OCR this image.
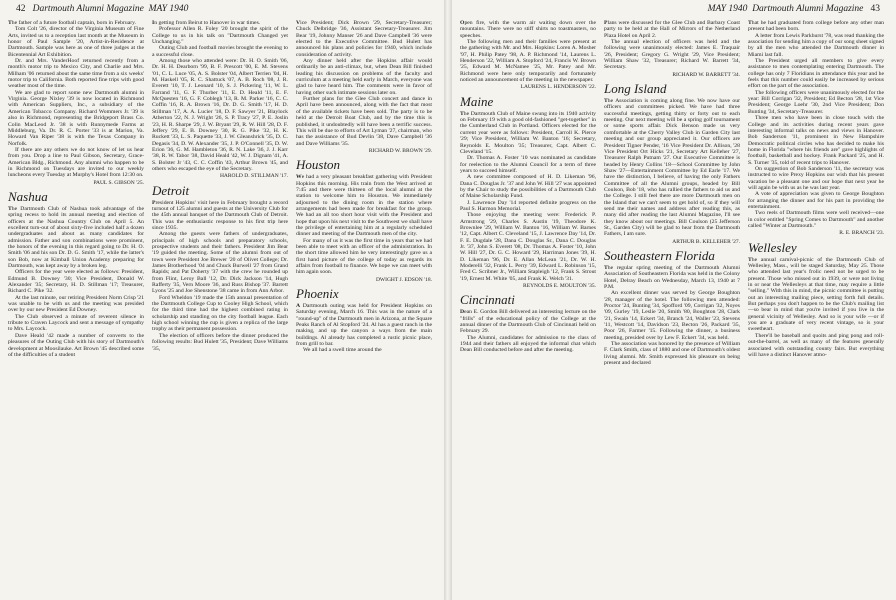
42 Dartmouth Alumni Magazine MAY 1940

The father of a future football captain, born in February.

Tom Colt '26, director of the Virginia Museum of Fine Arts, invited us to a reception last month at the Museum in honor of Paul Sample '20, Artist-in-Residence at Dartmouth. Sample was here as one of three judges at the Bicentennial Art Exhibition.

Dr. and Mrs. VanderHoof returned recently from a month's motor trip to Mexico City, and Charlie and Mrs. Milham '06 returned about the same time from a six weeks' motor trip to California. Both reported fine trips with good weather most of the time.

We are glad to report some new Dartmouth alumni in Virginia. George Nixley '39 is now located in Richmond with American Suppliers, Inc., a subsidiary of the American Tobacco Company. Richard Wommers Jr. '39 is also in Richmond, representing the Bridgeport Brass Co. Colin MacLeod Jr. '38 is with Runnymede Farms at Middleburg, Va. Dr. R. C. Porter '33 is at Marion, Va. Howard Van Riper '38 is with the Texas Company in Norfolk.

If there are any others we do not know of let us hear from you. Drop a line to Paul Gibson, Secretary, Grace-American Bldg., Richmond. Any alumni who happen to be in Richmond on Tuesdays are invited to our weekly luncheons every Tuesday at Murphy's Hotel from 12:30 on.

PAUL S. GIBSON '25.
Nashua

The Dartmouth Club of Nashua took advantage of the spring recess to hold its annual meeting and election of officers at the Nashua Country Club on April 5. An excellent turn-out of about sixty-five included half a dozen undergraduates and about as many candidates for admission. Father and son combinations were prominent, the honors of the evening in this regard going to Dr. H. O. Smith '06 and his son Dr. D. G. Smith '17, while the latter's son Bob, now at Kimball Union Academy preparing for Dartmouth, was kept away by a broken leg.

Officers for the year were elected as follows: President, Edmund B. Downey '30; Vice President, Donald W. Alexander '35; Secretary, H. D. Stillman '17; Treasurer, Richard C. Pike '32.

At the last minute, our retiring President Norm Crisp '21 was unable to be with us and the meeting was presided over by our new President Ed Downey.

The Club observed a minute of reverent silence in tribute to Craven Laycock and sent a message of sympathy to Mrs. Laycock.

Dave Heald '42 made a number of converts to the pleasures of the Outing Club with his story of Dartmouth's development at Moosilauke. Art Brown '45 described some of the difficulties of a student

In getting from Beirut to Hanover in war times.

Professor Allen R. Foley '20 brought the spirit of the College to us in his talk on "Dartmouth Changed yet Unchanging."

Outing Club and football movies brought the evening to a successful close.

Among those who attended were: Dr. H. O. Smith '06, Dr. H. H. Dearborn '99, B. F. Prescott '00, E. M. Stevens '01, C. L. Luce '05, A. S. Bolster '04, Albert Terrien '04, H. M. Haskell '05, R. C. Shattuck '07, A. B. Roch '08, J. R. Everett '10, T. J. Leonard '10, S. J. Pickering '11, W. L. Farrand '11, G. F. Thurber '11, E. D. Heald '11, E. F. McQuesten '16, G. F. Coblegh '13, R. M. Parker '16, C. C. Coffin '16, R. A. Brown '16, Dr. D. G. Smith '17, H. D. Stillman '17, A. A. Lucier '18, D. F. Sawyer '21, Blaylock Atherton '22, N. J. Wright '26, S. P. Tracy '27, P. E. Joslin '23, H. R. Sharpe '29, J. W. Bryant '29, R. W. Hill '28, D. F. Jeffery '29, E. B. Downey '30, R. G. Pike '32, H. K. Ruckett '33, L. S. Paquette '33, J. W. Gleanshrick '35, D. C. Degasis '34, D. W. Alexander '35, J. P. O'Connell '35, D. W. Erion '36, G. M. Hambleton '36, R. N. Lake '36, J. J. Karr '38, R. W. Tabor '38, David Heald '42, W. J. Dignam '41, A. S. Bolster Jr '43, C. C. Coffin '43, Arthur Brown '45, and others who escaped the eye of the Secretary.

HAROLD D. STILLMAN '17.
Detroit

President Hopkins' visit here in February brought a record turnout of 125 alumni and guests at the University Club for the 45th annual banquet of the Dartmouth Club of Detroit. This was the enthusiastic response to his first trip here since 1935.

Among the guests were fathers of undergraduates, principals of high schools and preparatory schools, prospective students and their fathers. President Jim Bear '19 guided the meeting. Some of the alumni from out of town were President Joe Brewer '20 of Olivet College; Dr. James Brotherhood '04 and Chuck Burwell '27 from Grand Rapids; and Pat Doherty '37 with the crew he rounded up from Flint, Leroy Ball '12, Dr. Dick Jackson '14, Hugh Rafferty '35, Vern Moore '36, and Russ Bishop '37. Barrett Lyons '25 and Joe Shenstone '38 came in from Ann Arbor.

Ford Wheldon '19 made the 15th annual presentation of the Dartmouth College Cup to Cooley High School, which for the third time had the highest combined rating in scholarship and standing on the city football league. Each high school winning the cup is given a replica of the large trophy as their permanent possession.

The election of officers before the dinner produced the following results: Bud Hulett '35, President; Dave Williams '35,

Vice President; Dick Brown '29, Secretary-Treasurer; Chuck Delbridge '36, Assistant Secretary-Treasurer. Jim Bear '19, Johnny Manser '26 and Dave Campbell '36 were elected to the Executive Committee. Bud Hulett has announced his plans and policies for 1940, which include consideration of activity.

Any dinner held after the Hopkins affair would ordinarily be an anti-climax, but, when Dean Bill finished leading his discussion on problems of the faculty and curriculum at a meeting held early in March, everyone was glad to have heard him. The comments were in favor of having other such intimate sessions later on.

Further plans for the Glee Club concert and dance in April have been announced, along with the fact that most of the available tickets have been sold. The party is to be held at the Detroit Boat Club, and by the time this is published, it undoubtedly will have been a terrific success. This will be due to efforts of Art Lyman '27, chairman, who has the assistance of Bud Devlin '38, Dave Campbell '36 and Dave Williams '35.

RICHARD W. BROWN '29.
Houston

We had a very pleasant breakfast gathering with President Hopkins this morning. His train from the West arrived at 7:45 and there were thirteen of the local alumni at the station to welcome him to Houston. We immediately adjourned to the dining room in the station where arrangements had been made for breakfast for the group. We had an all too short hour visit with the President and hope that upon his next visit to the Southwest we shall have the privilege of entertaining him at a regularly scheduled dinner and meeting of the Dartmouth men of the city.

For many of us it was the first time in years that we had been able to meet with an officer of the administration. In the short time allowed him he very interestingly gave us a first hand picture of the college of today as regards its affairs from football to finance. We hope we can meet with him again soon.

DWIGHT J. EDSON '18.
Phoenix

A Dartmouth outing was held for President Hopkins on Saturday evening, March 16. This was in the nature of a "round-up" of the Dartmouth men in Arizona, at the Square Peaks Ranch of Al Stopford '24. Al has a guest ranch in the making, and up the canyon a ways from the main buildings. Al already has completed a rustic picnic place, from grill to bar.

We all had a swell time around the

MAY 1940 Dartmouth Alumni Magazine 43

Open fire, with the warm air waiting down over the mountains. There were no stiff shirts no toastmasters, no speeches.

The following men and their families were present at the gathering with Mr. and Mrs. Hopkins: Loren A. Mosher '97, H. Philip Patey '98, A. P. Richmond '14, Laurens L. Henderson '22, William A. Stopford '24, Francis W. Brown '25, Edward M. McNamee '25, Mr. Patey and Mr. Richmond were here only temporarily and fortunately noticed an announcement of the meeting in the newspaper.

LAURENS L. HENDERSON '22.
Maine

The Dartmouth Club of Maine swung into its 1940 activity on February 19 with a good old-fashioned "get-together" in the Cumberland Club in Portland. Officers elected for the current year were as follows: President, Carroll K. Pierce '29; Vice President, William W. Banton '16; Secretary, Reynolds E. Moulton '35; Treasurer, Capt. Albert C. Cleveland '15.

Dr. Thomas A. Foster '10 was nominated as candidate for reelection to the Alumni Council for a term of three years to succeed himself.

A new committee composed of H. D. Likeman '96, Dana C. Douglas Jr. '37 and John W. Hill '27 was appointed by the Chair to study the possibilities of a Dartmouth Club of Maine Scholarship Fund.

J. Lawrence Day '14 reported definite progress on the Paul S. Harmon Memorial.

Those enjoying the meeting were: Frederick P. Armstrong '29, Charles S. Austin '19, Theodore K. Brownlee '29, William W. Banton '16, William W. Barnes '12, Capt. Albert C. Cleveland '15, J. Lawrence Day '14, Dr. F. E. Dugdale '28, Dana C. Douglas Sr., Dana C. Douglas Jr. '37, John S. Everett '08, Dr. Thomas A. Foster '10, John W. Hill '27, Dr. G. C. Howard '29, Harriman Jones '39, H. D. Likeman '96, Dr. E. Allan McLean '21, Dr. W. H. Moderelli '32, Frank L. Perry '39, Edward L. Robinson '15, Fred C. Scribner Jr., William Stapleigh '12, Frank S. Strout '19, Ernest M. White '05, and Frank K. Welch '31.

REYNOLDS E. MOULTON '35.
Cincinnati

Dean E. Gordon Bill delivered an interesting lecture on the "frills" of the educational policy of the College at the annual dinner of the Dartmouth Club of Cincinnati held on February 29.

The Alumni, candidates for admission to the class of 1944 and their fathers all enjoyed the informal chat which Dean Bill conducted before and after the meeting.

Plans were discussed for the Glee Club and Barbary Coast party to be held at the Hall of Mirrors of the Netherland Plaza Hotel on April 2.

The annual election of officers was held and the following were unanimously elected: James E. Traquair '26, President; Gregory G. Wright '29, Vice President; William Shaw '32, Treasurer; Richard W. Barrett '34, Secretary.

RICHARD W. BARRETT '34.
Long Island

The Association is coming along fine. We now have our officers and committees picked. We have had three successful meetings, getting thirty or forty out to each meeting. Our next meeting will be a spring golf tournament or some sports affair. Dick Benson made us very comfortable at the Cherry Valley Club in Garden City last meeting and our group appreciated it. Our officers are President Tigner Pender, '16 Vice President Dr. Allison, '28 Vice President Ort Hicks '21, Secretary Art Kelleher '27, Treasurer Ralph Putnam '27. Our Executive Committee is headed by Henry Collins '18—School Committee by John Shaw '27—Entertainment Committee by Ed Earle '17. We have the distinction, I believe, of having the only Fathers Committee of all the Alumni groups, headed by Bill Coulson, Bob '18, who has rallied the fathers to aid us and the College. I still feel there are more Dartmouth men on the Island that we can't seem to get hold of, so if they will send me their names and address after reading this, as many did after reading the last Alumni Magazine, I'll see they know about our meetings. Bill Coulson (25 Jefferson St., Garden City) will be glad to hear from the Dartmouth Fathers, I am sure.

ARTHUR B. KELLEHER '27.
Southeastern Florida

The regular spring meeting of the Dartmouth Alumni Association of Southeastern Florida was held in the Colony Hotel, Delray Beach on Wednesday, March 13, 1940 at 7 P.M.

An excellent dinner was served by George Boughton '28, manager of the hotel. The following men attended: Proctor '24, Bunting '34, Spofford '09, Corrigan '32, Noyes '09, Gurley '19, Leslie '20, Smith '80, Boughton '28, Clark '21, Swain '14, Eckert '34, Branch '24, Waller '23, Stevens '11, Westcott '14, Davidson '23, Becton '26, Packard '35, Poor '26, Farmer '15. Following the dinner, a business meeting, presided over by Lew F. Eckert '34, was held.

The association was honored by the presence of William F. Clark Smith, class of 1880 and one of Dartmouth's oldest living alumni. Mr. Smith expressed his pleasure on being present and declared

That he had graduated from college before any other man present had been born.

A letter from Lewis Parkhurst '78, was read thanking the association for sending him a copy of our song sheet signed by all the men who attended the Dartmouth dinner in Miami last fall.

The President urged all members to give every assistance to men contemplating entering Dartmouth. The college has only 7 Floridians in attendance this year and he feels that this number could easily be increased by serious effort on the part of the association.

The following officers were unanimously elected for the year: Bill Corrigan '32, President; Ed Becton '28, 1st Vice President; George Loehr '30, 2nd Vice President; Don Bunting '34, Secretary-Treasurer.

Three men who have been in close touch with the College and its activities during recent years gave interesting informal talks on news and views in Hanover. Bob Sanderson '11, prominent in New Hampshire Democratic political circles who has decided to make his home in Florida "where his friends are" gave highlights of football, basketball and hockey. Frank Packard '25, and H. S. Turner '35, told of recent trips to Hanover.

On suggestion of Bob Sanderson '11, the secretary was instructed to wire Prexy Hopkins our wish that his present vacation be a pleasant one and our hope that next year he will again be with us as he was last year.

A vote of appreciation was given to George Boughton for arranging the dinner and for his part in providing the entertainment.

Two reels of Dartmouth films were well received—one in color entitled "Spring Comes to Dartmouth" and another called "Winter at Dartmouth."

R. E. BRANCH '23.
Wellesley

The annual carnival-picnic of the Dartmouth Club of Wellesley, Mass., will be staged Saturday, May 25. Those who attended last year's frolic need not be urged to be present. Those who missed out in 1939, or were not living in or near the Wellesleys at that time, may require a little "selling." With this in mind, the picnic committee is putting out an interesting mailing piece, setting forth full details. But perhaps you don't happen to be the Club's mailing list—so bear in mind that you're invited if you live in the general vicinity of Wellesley. And so is your wife —or if you are a graduate of very recent vintage, so is your sweetheart.

There'll be baseball and quoits and ping pong and roll-out-the-barrel, as well as many of the features generally associated with outstanding county fairs. But everything will have a distinct Hanover atmo-
